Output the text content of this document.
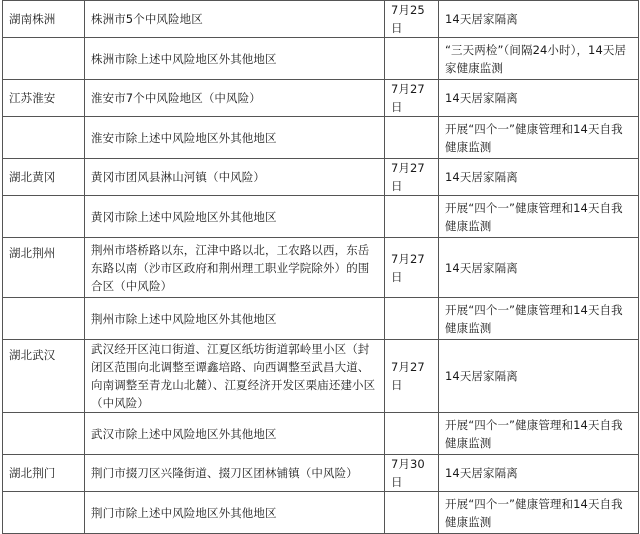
湖南株洲	株洲市5个中风险地区	7月25日	14天居家隔离
	株洲市除上述中风险地区外其他地区		“三天两检”（间隔24小时），14天居家健康监测
江苏淮安	淮安市7个中风险地区（中风险）	7月27日	14天居家隔离
	淮安市除上述中风险地区外其他地区		开展“四个一”健康管理和14天自我健康监测
湖北黄冈	黄冈市团风县淋山河镇（中风险）	7月27日	14天居家隔离
	黄冈市除上述中风险地区外其他地区		开展“四个一”健康管理和14天自我健康监测
湖北荆州	荆州市塔桥路以东，江津中路以北，工农路以西，东岳东路以南（沙市区政府和荆州理工职业学院除外）的围合区（中风险）	7月27日	14天居家隔离
	荆州市除上述中风险地区外其他地区		开展“四个一”健康管理和14天自我健康监测
湖北武汉	武汉经开区沌口街道、江夏区纸坊街道郭岭里小区（封闭区范围向北调整至谭鑫培路、向西调整至武昌大道、向南调整至青龙山北麓）、江夏经济开发区栗庙还建小区（中风险）	7月27日	14天居家隔离
	武汉市除上述中风险地区外其他地区		开展“四个一”健康管理和14天自我健康监测
湖北荆门	荆门市掇刀区兴隆街道、掇刀区团林铺镇（中风险）	7月30日	14天居家隔离
	荆门市除上述中风险地区外其他地区		开展“四个一”健康管理和14天自我健康监测
